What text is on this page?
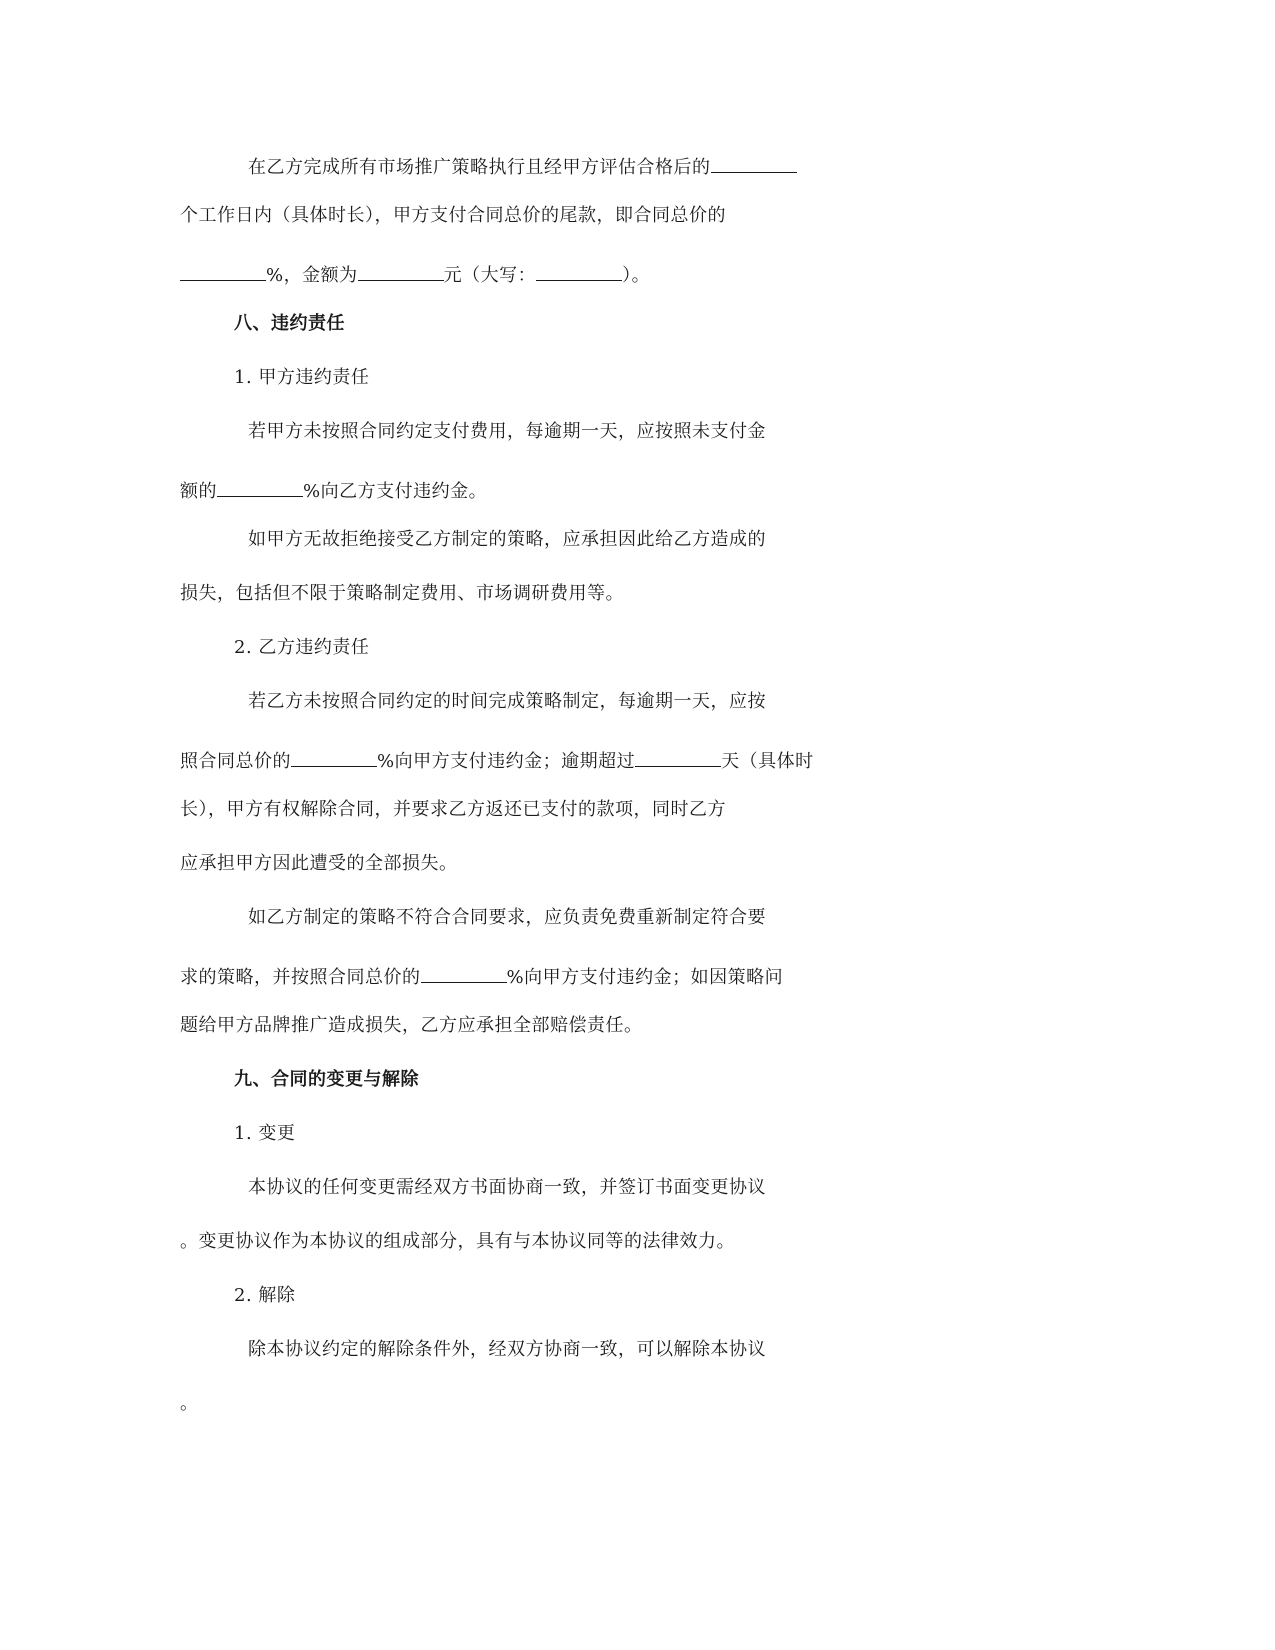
在乙方完成所有市场推广策略执行且经甲方评估合格后的
个工作日内（具体时长），甲方支付合同总价的尾款，即合同总价的
%，金额为	元（大写：	）。
八、违约责任
1. 甲方违约责任
若甲方未按照合同约定支付费用，每逾期一天，应按照未支付金
额的	%向乙方支付违约金。
如甲方无故拒绝接受乙方制定的策略，应承担因此给乙方造成的
损失，包括但不限于策略制定费用、市场调研费用等。
2. 乙方违约责任
若乙方未按照合同约定的时间完成策略制定，每逾期一天，应按
照合同总价的	%向甲方支付违约金；逾期超过	天（具体时
长），甲方有权解除合同，并要求乙方返还已支付的款项，同时乙方
应承担甲方因此遭受的全部损失。
如乙方制定的策略不符合合同要求，应负责免费重新制定符合要
求的策略，并按照合同总价的	%向甲方支付违约金；如因策略问
题给甲方品牌推广造成损失，乙方应承担全部赔偿责任。
九、合同的变更与解除
1. 变更
本协议的任何变更需经双方书面协商一致，并签订书面变更协议
。变更协议作为本协议的组成部分，具有与本协议同等的法律效力。
2. 解除
除本协议约定的解除条件外，经双方协商一致，可以解除本协议
。
